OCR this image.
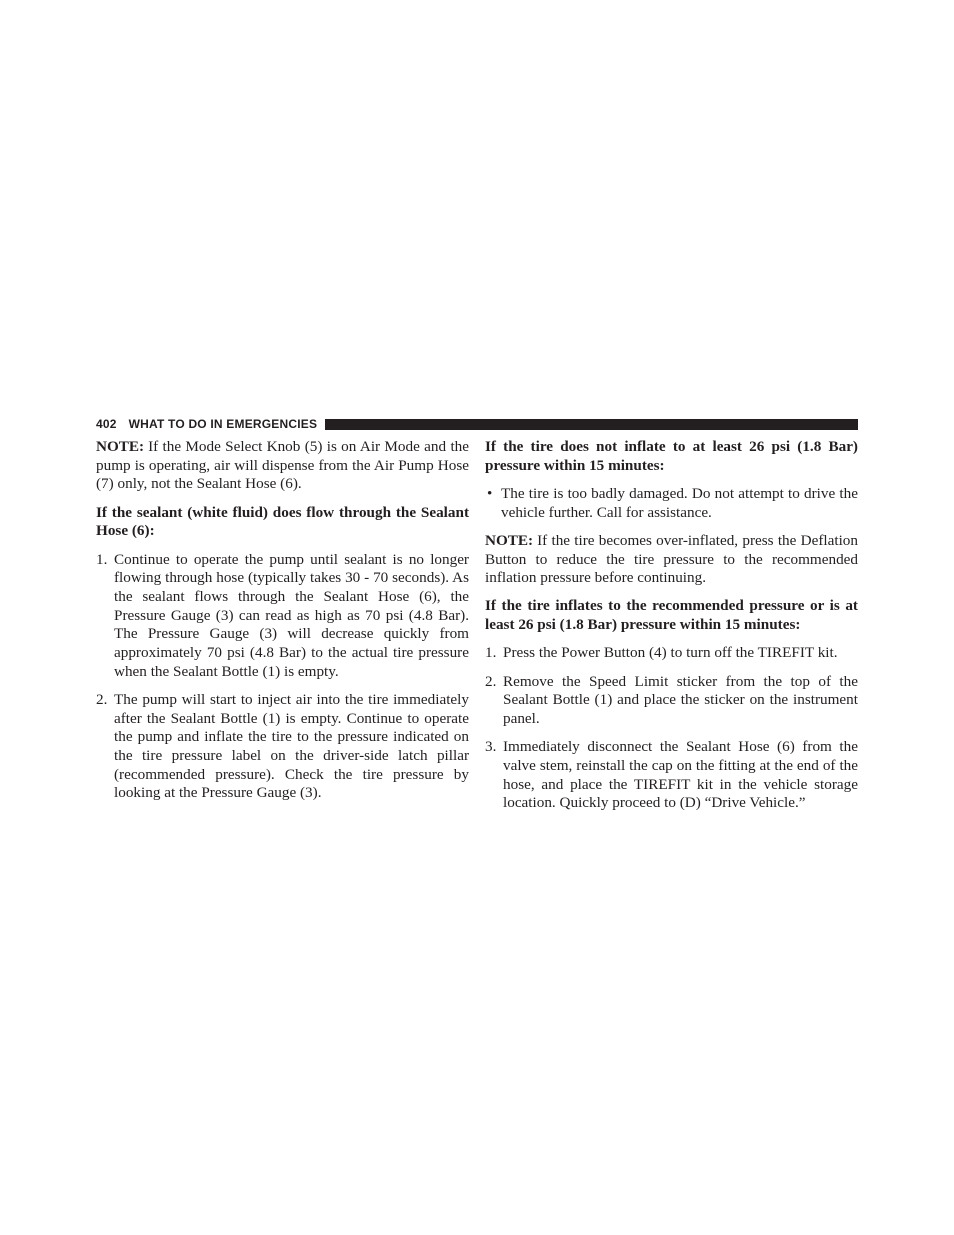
402 WHAT TO DO IN EMERGENCIES

NOTE: If the Mode Select Knob (5) is on Air Mode and the pump is operating, air will dispense from the Air Pump Hose (7) only, not the Sealant Hose (6).

If the sealant (white fluid) does flow through the Sealant Hose (6):

1. Continue to operate the pump until sealant is no longer flowing through hose (typically takes 30 - 70 seconds). As the sealant flows through the Sealant Hose (6), the Pressure Gauge (3) can read as high as 70 psi (4.8 Bar). The Pressure Gauge (3) will decrease quickly from approximately 70 psi (4.8 Bar) to the actual tire pressure when the Sealant Bottle (1) is empty.
2. The pump will start to inject air into the tire immediately after the Sealant Bottle (1) is empty. Continue to operate the pump and inflate the tire to the pressure indicated on the tire pressure label on the driver-side latch pillar (recommended pressure). Check the tire pressure by looking at the Pressure Gauge (3).

If the tire does not inflate to at least 26 psi (1.8 Bar) pressure within 15 minutes:

• The tire is too badly damaged. Do not attempt to drive the vehicle further. Call for assistance.

NOTE: If the tire becomes over-inflated, press the Deflation Button to reduce the tire pressure to the recommended inflation pressure before continuing.

If the tire inflates to the recommended pressure or is at least 26 psi (1.8 Bar) pressure within 15 minutes:

1. Press the Power Button (4) to turn off the TIREFIT kit.
2. Remove the Speed Limit sticker from the top of the Sealant Bottle (1) and place the sticker on the instrument panel.
3. Immediately disconnect the Sealant Hose (6) from the valve stem, reinstall the cap on the fitting at the end of the hose, and place the TIREFIT kit in the vehicle storage location. Quickly proceed to (D) “Drive Vehicle.”
